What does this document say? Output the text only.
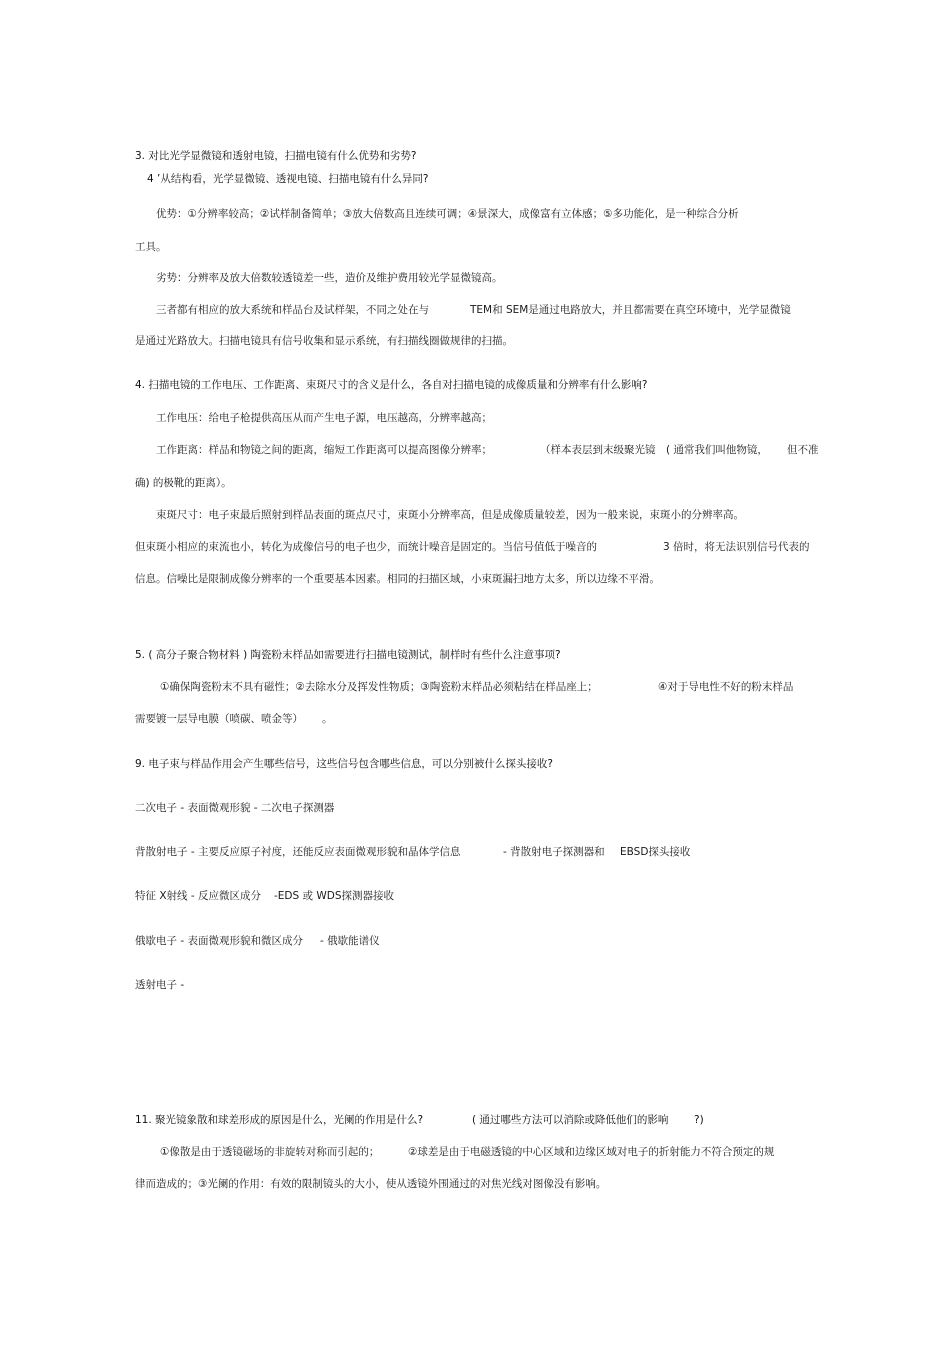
3. 对比光学显微镜和透射电镜，扫描电镜有什么优势和劣势?
4 ’从结构看，光学显微镜、透视电镜、扫描电镜有什么异同?
优势：①分辨率较高；②试样制备简单；③放大倍数高且连续可调；④景深大，成像富有立体感；⑤多功能化，是一种综合分析
工具。
劣势：分辨率及放大倍数较透镜差一些，造价及维护费用较光学显微镜高。
三者都有相应的放大系统和样品台及试样架，不同之处在与	TEM和 SEM是通过电路放大，并且都需要在真空环境中，光学显微镜
是通过光路放大。扫描电镜具有信号收集和显示系统，有扫描线圈做规律的扫描。
4. 扫描电镜的工作电压、工作距离、束斑尺寸的含义是什么，各自对扫描电镜的成像质量和分辨率有什么影响?
工作电压：给电子枪提供高压从而产生电子源，电压越高，分辨率越高；
工作距离：样品和物镜之间的距离，缩短工作距离可以提高图像分辨率；	（样本表层到末级聚光镜 ( 通常我们叫他物镜， 但不准
确) 的极靴的距离）。
束斑尺寸：电子束最后照射到样品表面的斑点尺寸，束斑小分辨率高，但是成像质量较差，因为一般来说，束斑小的分辨率高。
但束斑小相应的束流也小，转化为成像信号的电子也少，而统计噪音是固定的。当信号值低于噪音的	3 倍时，将无法识别信号代表的
信息。信噪比是限制成像分辨率的一个重要基本因素。相同的扫描区域，小束斑漏扫地方太多，所以边缘不平滑。
5. ( 高分子聚合物材料 ) 陶瓷粉末样品如需要进行扫描电镜测试，制样时有些什么注意事项?
①确保陶瓷粉末不具有磁性；②去除水分及挥发性物质；③陶瓷粉末样品必须粘结在样品座上；	④对于导电性不好的粉末样品
需要镀一层导电膜（喷碳、喷金等） 。
9. 电子束与样品作用会产生哪些信号，这些信号包含哪些信息，可以分别被什么探头接收?
二次电子 - 表面微观形貌 - 二次电子探测器
背散射电子 - 主要反应原子衬度，还能反应表面微观形貌和晶体学信息	- 背散射电子探测器和 EBSD探头接收
特征 X射线 - 反应微区成分 -EDS 或 WDS探测器接收
俄歇电子 - 表面微观形貌和微区成分 - 俄歇能谱仪
透射电子 -
11. 聚光镜象散和球差形成的原因是什么，光阑的作用是什么?	( 通过哪些方法可以消除或降低他们的影响 ?)
①像散是由于透镜磁场的非旋转对称而引起的；	②球差是由于电磁透镜的中心区域和边缘区域对电子的折射能力不符合预定的规
律而造成的；③光阑的作用：有效的限制镜头的大小，使从透镜外围通过的对焦光线对图像没有影响。
